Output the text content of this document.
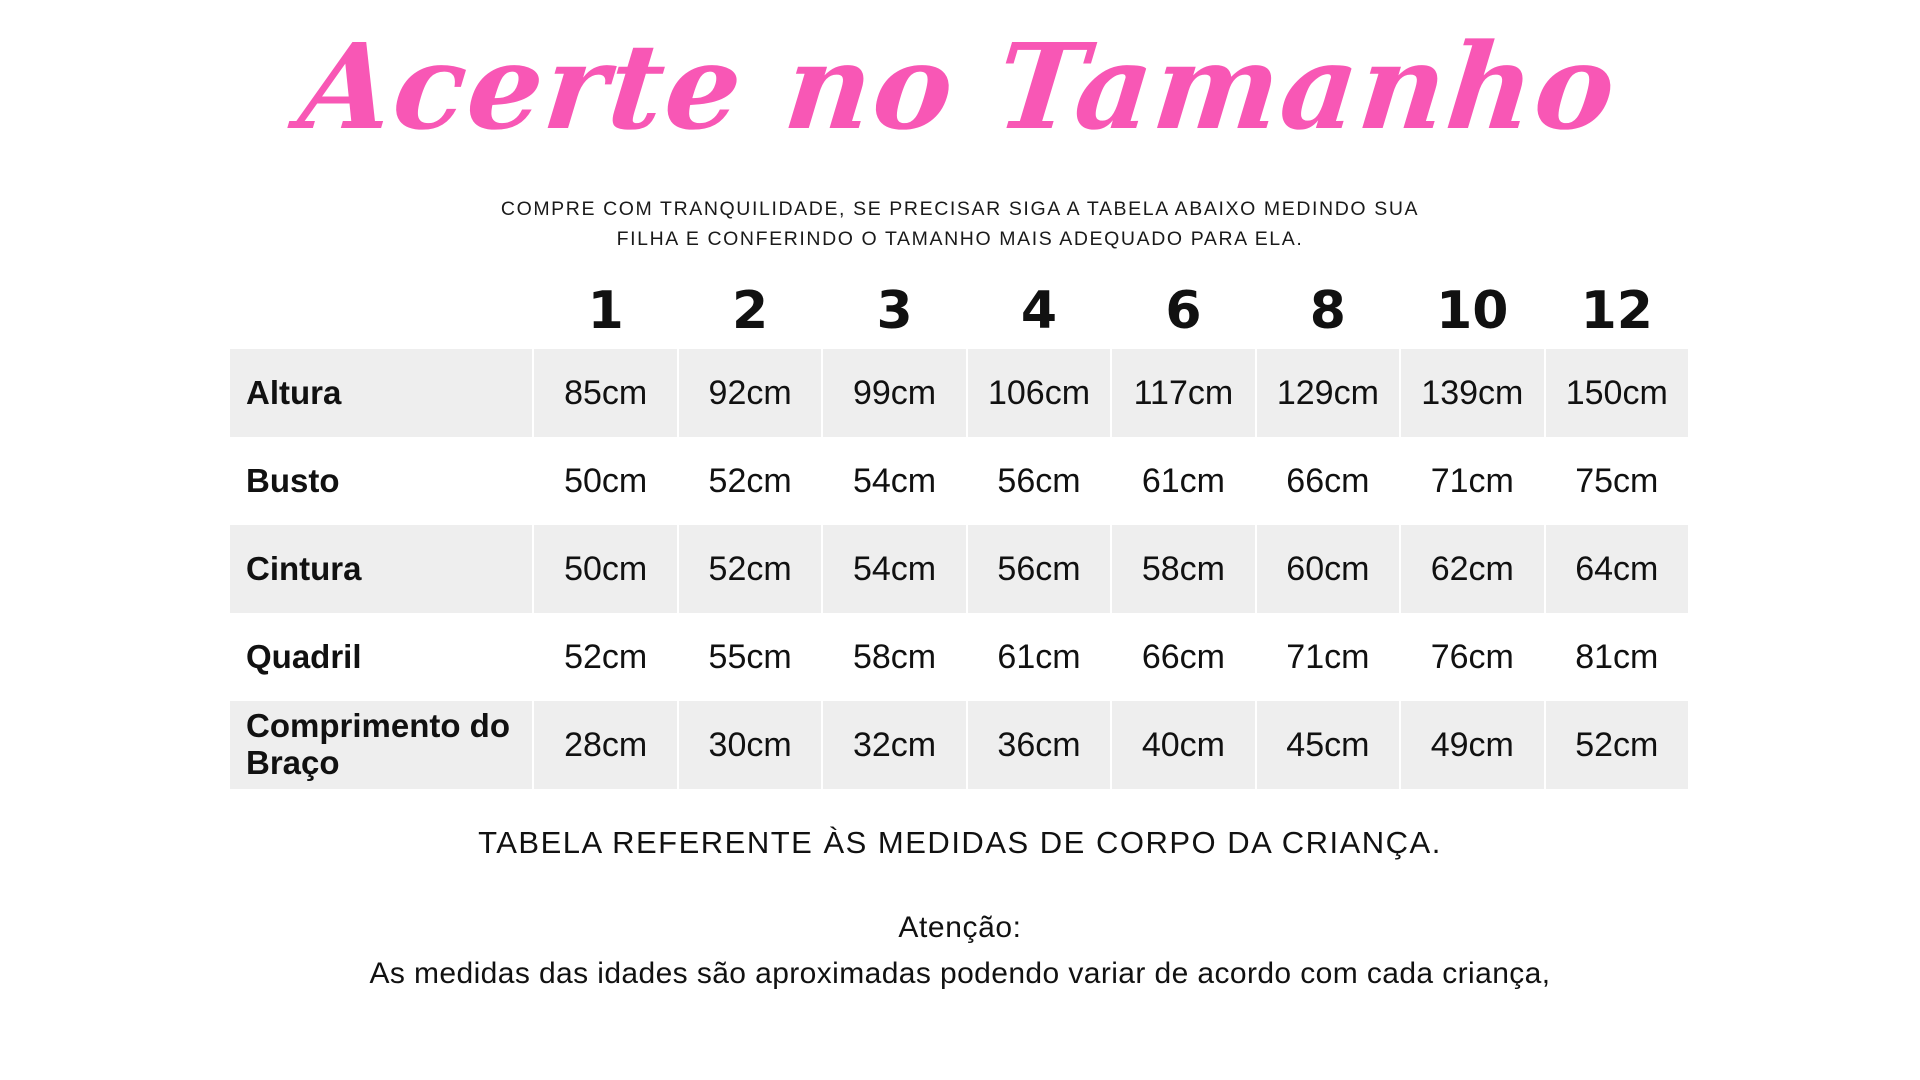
Acerte no Tamanho
COMPRE COM TRANQUILIDADE, SE PRECISAR SIGA A TABELA ABAIXO MEDINDO SUA
FILHA E CONFERINDO O TAMANHO MAIS ADEQUADO PARA ELA.
	1	2	3	4	6	8	10	12
Altura	85cm	92cm	99cm	106cm	117cm	129cm	139cm	150cm
Busto	50cm	52cm	54cm	56cm	61cm	66cm	71cm	75cm
Cintura	50cm	52cm	54cm	56cm	58cm	60cm	62cm	64cm
Quadril	52cm	55cm	58cm	61cm	66cm	71cm	76cm	81cm
Comprimento do Braço	28cm	30cm	32cm	36cm	40cm	45cm	49cm	52cm
TABELA REFERENTE ÀS MEDIDAS DE CORPO DA CRIANÇA.
Atenção:
As medidas das idades são aproximadas podendo variar de acordo com cada criança,
